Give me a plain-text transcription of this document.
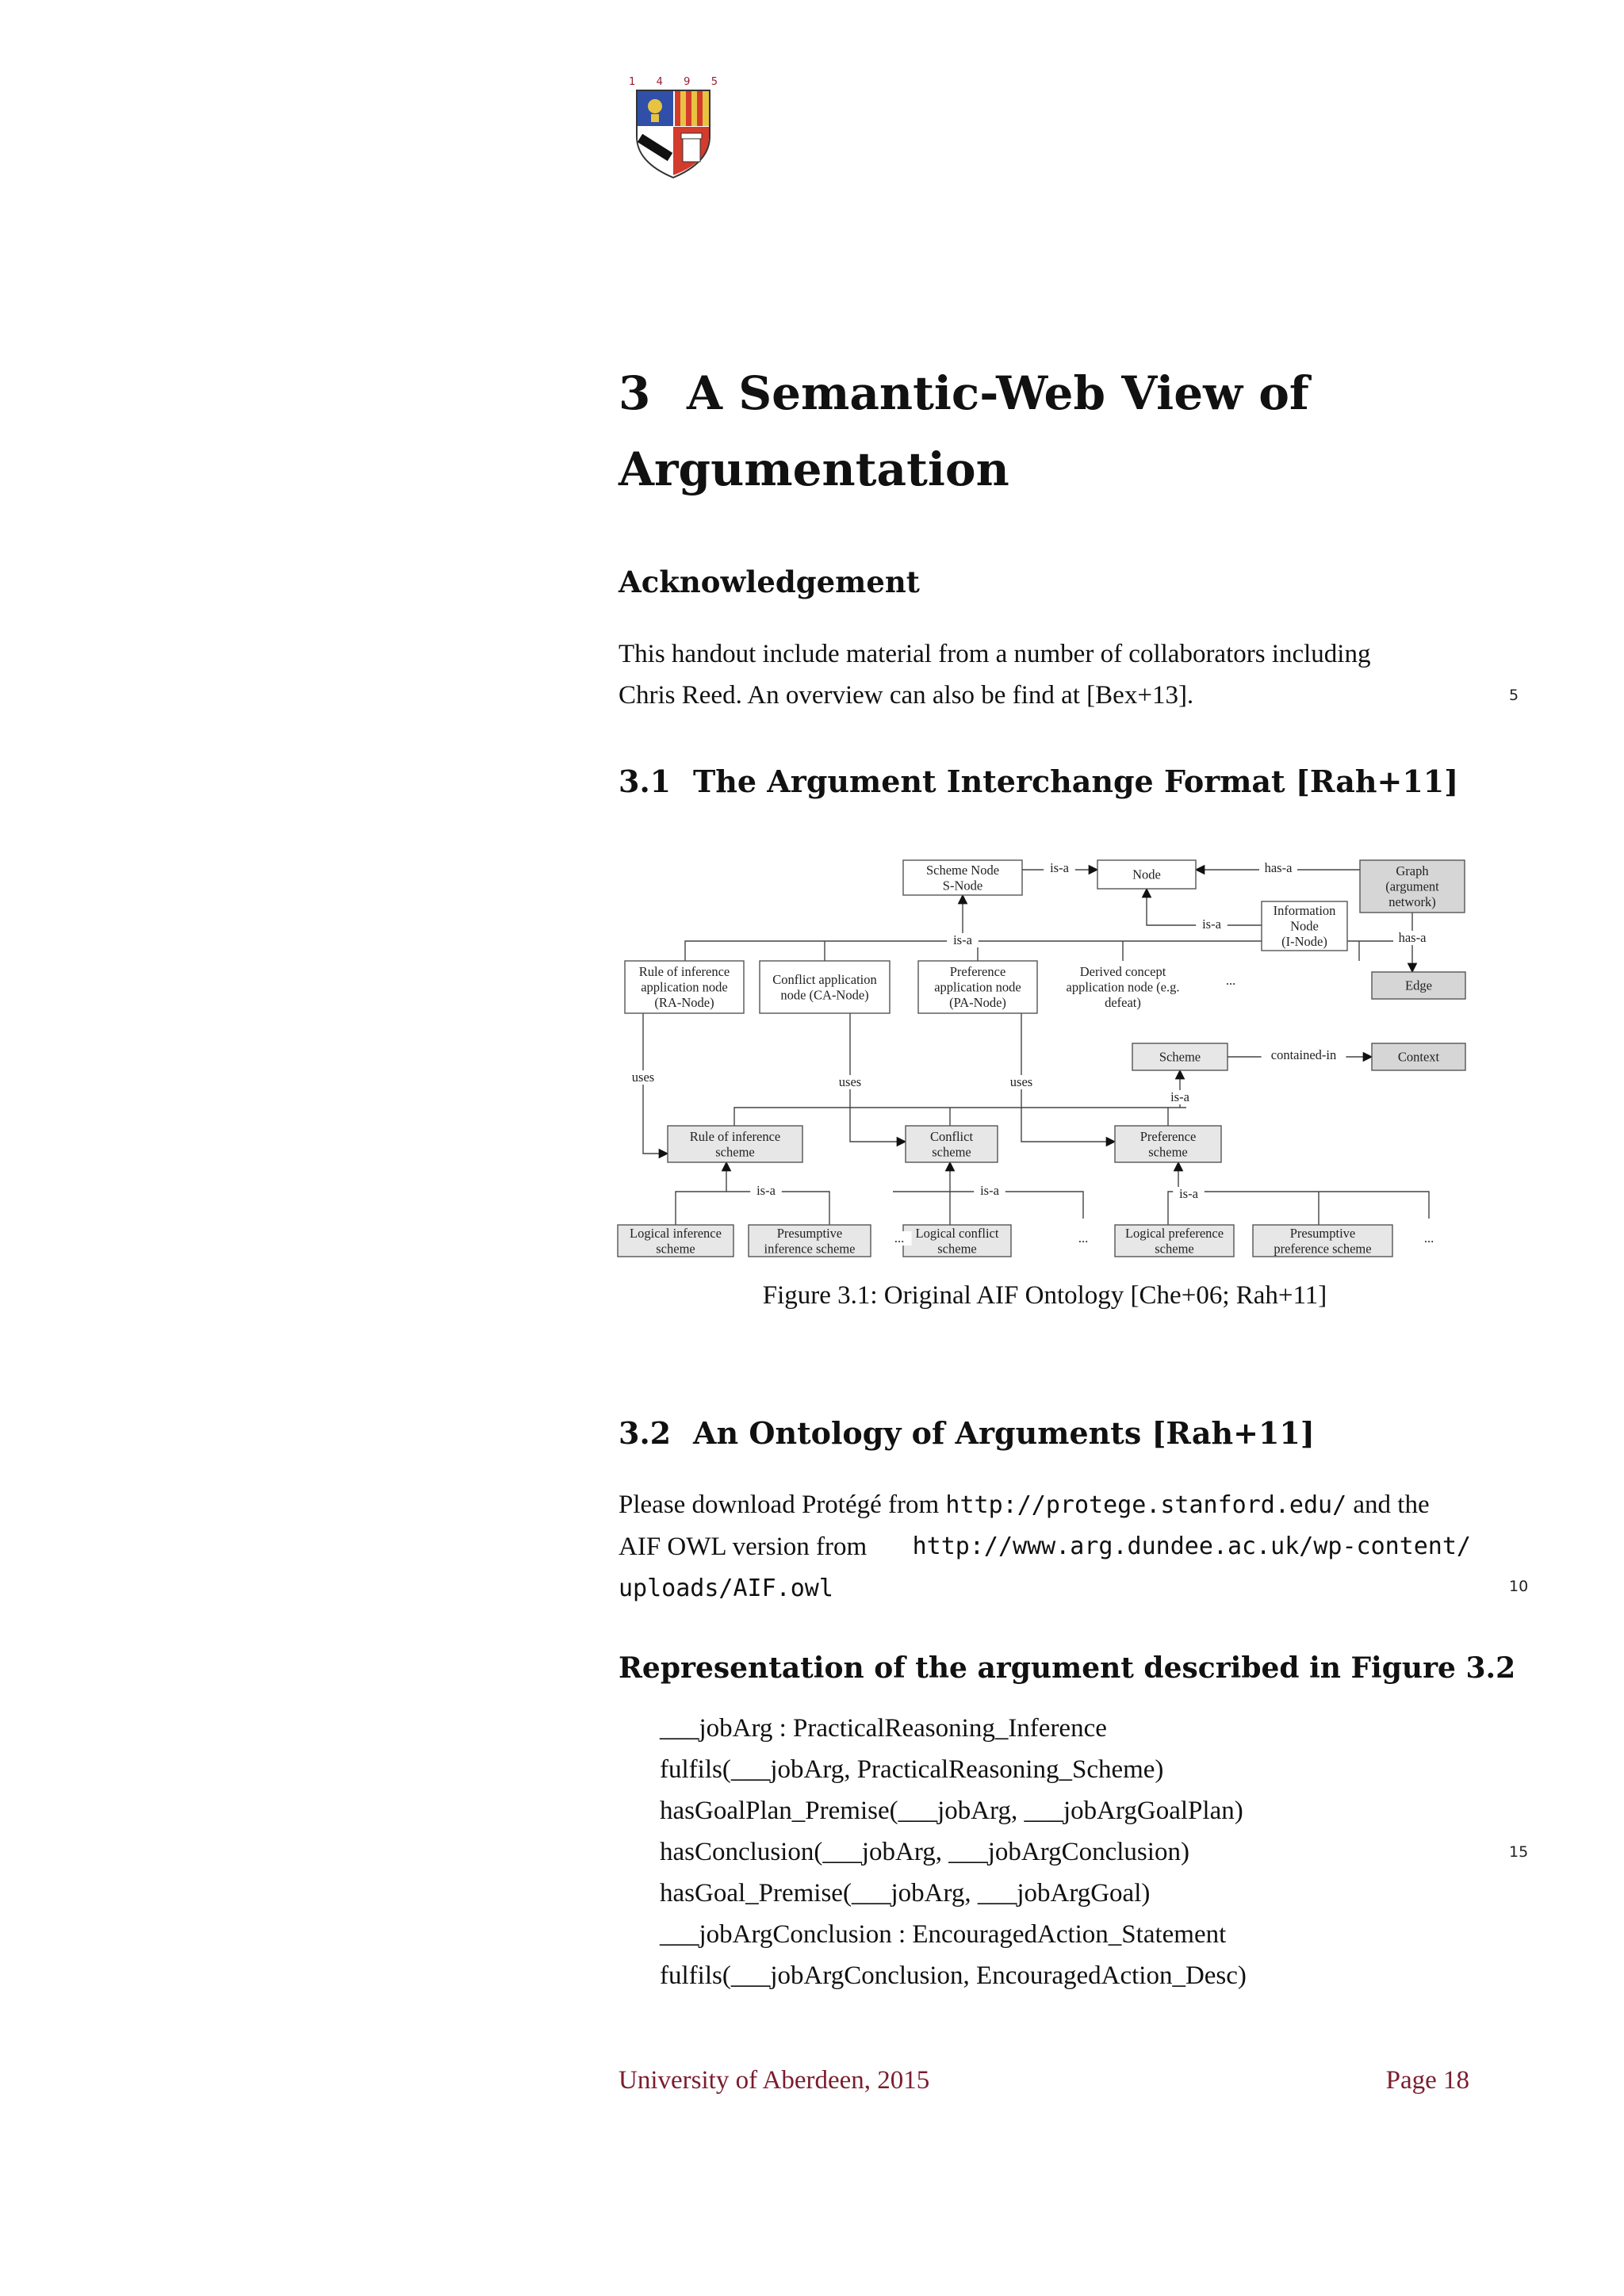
1 4 9 5
3 A Semantic-Web View of
Argumentation
Acknowledgement
This handout include material from a number of collaborators including
Chris Reed. An overview can also be find at [Bex+13].	5
3.1 The Argument Interchange Format [Rah+11]
Scheme Node
S-Node
Node	Graph
(argument
network)
Information
Node
(I-Node)
Edge
Rule of inference
application node
(RA-Node)
Conflict application
node (CA-Node)
Preference
application node
(PA-Node)
Derived concept
application node (e.g.
defeat)
Scheme	Context
Rule of inference
scheme
Conflict
scheme
Preference
scheme
Logical inference
scheme
Presumptive
inference scheme
Logical conflict
scheme
Logical preference
scheme
Presumptive
preference scheme
is-a	has-a
is-a
is-a	has-a
contained-in
is-a
uses	uses	uses
is-a	is-a	is-a
...
...	...	...
Figure 3.1: Original AIF Ontology [Che+06; Rah+11]
3.2 An Ontology of Arguments [Rah+11]
Please download Protégé from http://protege.stanford.edu/ and the
AIF OWL version from http://www.arg.dundee.ac.uk/wp-content/
uploads/AIF.owl	10
Representation of the argument described in Figure 3.2
___jobArg : PracticalReasoning_Inference
fulfils(___jobArg, PracticalReasoning_Scheme)
hasGoalPlan_Premise(___jobArg, ___jobArgGoalPlan)
hasConclusion(___jobArg, ___jobArgConclusion)
hasGoal_Premise(___jobArg, ___jobArgGoal)
___jobArgConclusion : EncouragedAction_Statement
fulfils(___jobArgConclusion, EncouragedAction_Desc)
15
University of Aberdeen, 2015	Page 18
